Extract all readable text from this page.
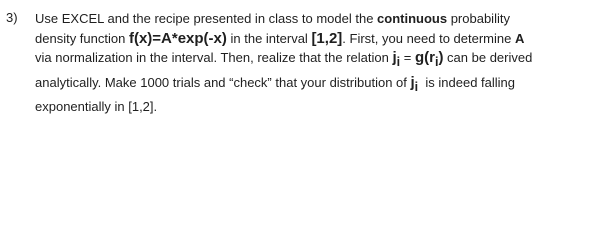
3) Use EXCEL and the recipe presented in class to model the continuous probability
density function f(x)=A*exp(-x) in the interval [1,2]. First, you need to determine A
via normalization in the interval. Then, realize that the relation $j_i = g(r_i)$ can be derived
analytically. Make 1000 trials and “check” that your distribution of $j_i$  is indeed falling
exponentially in [1,2].
